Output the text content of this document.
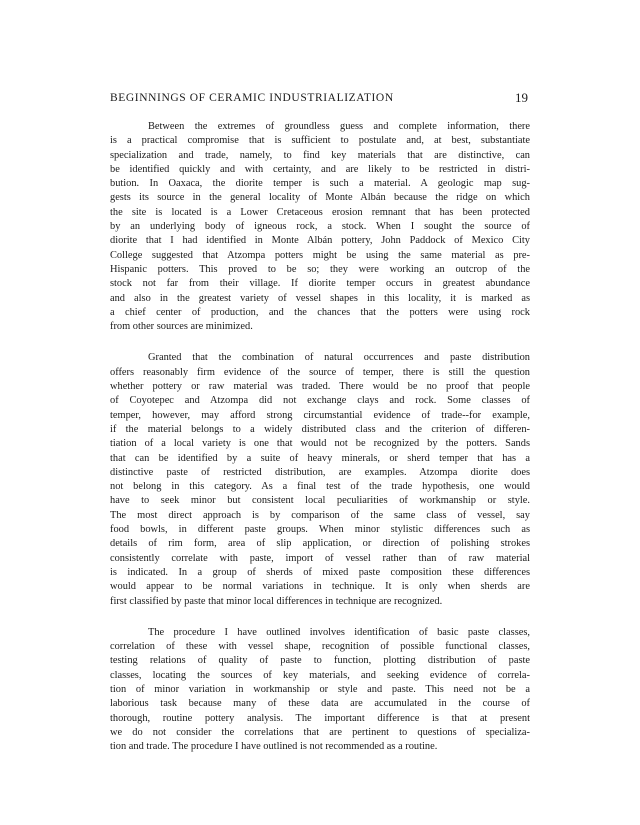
BEGINNINGS OF CERAMIC INDUSTRIALIZATION	19
Between the extremes of groundless guess and complete information, there
is a practical compromise that is sufficient to postulate and, at best, substantiate
specialization and trade, namely, to find key materials that are distinctive, can
be identified quickly and with certainty, and are likely to be restricted in distri-
bution. In Oaxaca, the diorite temper is such a material. A geologic map sug-
gests its source in the general locality of Monte Albán because the ridge on which
the site is located is a Lower Cretaceous erosion remnant that has been protected
by an underlying body of igneous rock, a stock. When I sought the source of
diorite that I had identified in Monte Albán pottery, John Paddock of Mexico City
College suggested that Atzompa potters might be using the same material as pre-
Hispanic potters. This proved to be so; they were working an outcrop of the
stock not far from their village. If diorite temper occurs in greatest abundance
and also in the greatest variety of vessel shapes in this locality, it is marked as
a chief center of production, and the chances that the potters were using rock
from other sources are minimized.
Granted that the combination of natural occurrences and paste distribution
offers reasonably firm evidence of the source of temper, there is still the question
whether pottery or raw material was traded. There would be no proof that people
of Coyotepec and Atzompa did not exchange clays and rock. Some classes of
temper, however, may afford strong circumstantial evidence of trade--for example,
if the material belongs to a widely distributed class and the criterion of differen-
tiation of a local variety is one that would not be recognized by the potters. Sands
that can be identified by a suite of heavy minerals, or sherd temper that has a
distinctive paste of restricted distribution, are examples. Atzompa diorite does
not belong in this category. As a final test of the trade hypothesis, one would
have to seek minor but consistent local peculiarities of workmanship or style.
The most direct approach is by comparison of the same class of vessel, say
food bowls, in different paste groups. When minor stylistic differences such as
details of rim form, area of slip application, or direction of polishing strokes
consistently correlate with paste, import of vessel rather than of raw material
is indicated. In a group of sherds of mixed paste composition these differences
would appear to be normal variations in technique. It is only when sherds are
first classified by paste that minor local differences in technique are recognized.
The procedure I have outlined involves identification of basic paste classes,
correlation of these with vessel shape, recognition of possible functional classes,
testing relations of quality of paste to function, plotting distribution of paste
classes, locating the sources of key materials, and seeking evidence of correla-
tion of minor variation in workmanship or style and paste. This need not be a
laborious task because many of these data are accumulated in the course of
thorough, routine pottery analysis. The important difference is that at present
we do not consider the correlations that are pertinent to questions of specializa-
tion and trade. The procedure I have outlined is not recommended as a routine.
